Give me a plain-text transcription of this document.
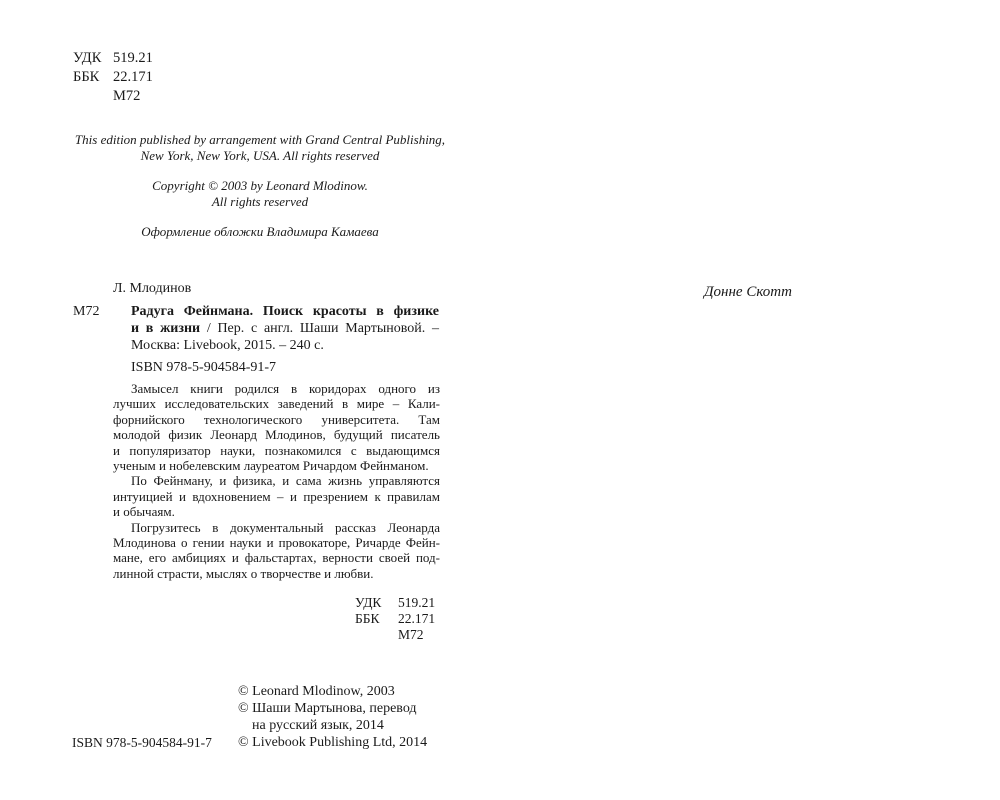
УДК 519.21
ББК 22.171
М72
This edition published by arrangement with Grand Central Publishing,
New York, New York, USA. All rights reserved
Copyright © 2003 by Leonard Mlodinow.
All rights reserved
Оформление обложки Владимира Камаева
Л. Млодинов
М72 Радуга Фейнмана. Поиск красоты в физике
и в жизни / Пер. с англ. Шаши Мартыновой. –
Москва: Livebook, 2015. – 240 с.
ISBN 978-5-904584-91-7
Замысел книги родился в коридорах одного из
лучших исследовательских заведений в мире – Кали-
форнийского технологического университета. Там
молодой физик Леонард Млодинов, будущий писатель
и популяризатор науки, познакомился с выдающимся
ученым и нобелевским лауреатом Ричардом Фейнманом.
По Фейнману, и физика, и сама жизнь управляются
интуицией и вдохновением – и презрением к правилам
и обычаям.
Погрузитесь в документальный рассказ Леонарда
Млодинова о гении науки и провокаторе, Ричарде Фейн-
мане, его амбициях и фальстартах, верности своей под-
линной страсти, мыслях о творчестве и любви.
УДК 519.21
ББК 22.171
М72
© Leonard Mlodinow, 2003
© Шаши Мартынова, перевод
на русский язык, 2014
© Livebook Publishing Ltd, 2014
ISBN 978-5-904584-91-7
Донне Скотт
